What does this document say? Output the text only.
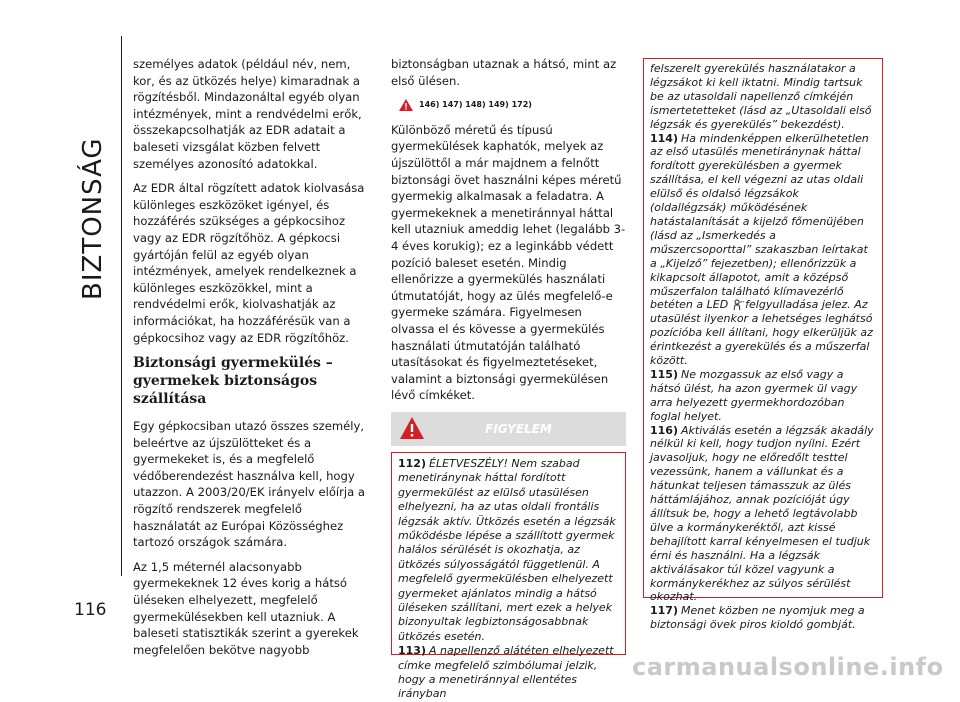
BIZTONSÁG
116

személyes adatok (például név, nem, kor, és az ütközés helye) kimaradnak a rögzítésből. Mindazonáltal egyéb olyan intézmények, mint a rendvédelmi erők, összekapcsolhatják az EDR adatait a baleseti vizsgálat közben felvett személyes azonosító adatokkal.

Az EDR által rögzített adatok kiolvasása különleges eszközöket igényel, és hozzáférés szükséges a gépkocsihoz vagy az EDR rögzítőhöz. A gépkocsi gyártóján felül az egyéb olyan intézmények, amelyek rendelkeznek a különleges eszközökkel, mint a rendvédelmi erők, kiolvashatják az információkat, ha hozzáférésük van a gépkocsihoz vagy az EDR rögzítőhöz.

Biztonsági gyermekülés – gyermekek biztonságos szállítása

Egy gépkocsiban utazó összes személy, beleértve az újszülötteket és a gyermekeket is, és a megfelelő védőberendezést használva kell, hogy utazzon. A 2003/20/EK irányelv előírja a rögzítő rendszerek megfelelő használatát az Európai Közösséghez tartozó országok számára.

Az 1,5 méternél alacsonyabb gyermekeknek 12 éves korig a hátsó üléseken elhelyezett, megfelelő gyermekülésekben kell utazniuk. A baleseti statisztikák szerint a gyerekek megfelelően bekötve nagyobb

biztonságban utaznak a hátsó, mint az első ülésen.

146) 147) 148) 149) 172)

Különböző méretű és típusú gyermekülések kaphatók, melyek az újszülöttől a már majdnem a felnőtt biztonsági övet használni képes méretű gyermekig alkalmasak a feladatra. A gyermekeknek a menetiránnyal háttal kell utazniuk ameddig lehet (legalább 3-4 éves korukig); ez a leginkább védett pozíció baleset esetén. Mindig ellenőrizze a gyermekülés használati útmutatóját, hogy az ülés megfelelő-e gyermeke számára. Figyelmesen olvassa el és kövesse a gyermekülés használati útmutatóján található utasításokat és figyelmeztetéseket, valamint a biztonsági gyermekülésen lévő címkéket.

FIGYELEM

112) ÉLETVESZÉLY! Nem szabad menetiránynak háttal fordított gyermekülést az elülső utasülésen elhelyezni, ha az utas oldali frontális légzsák aktív. Ütközés esetén a légzsák működésbe lépése a szállított gyermek halálos sérülését is okozhatja, az ütközés súlyosságától függetlenül. A megfelelő gyermekülésben elhelyezett gyermeket ajánlatos mindig a hátsó üléseken szállítani, mert ezek a helyek bizonyultak legbiztonságosabbnak ütközés esetén.

113) A napellenző alátéten elhelyezett címke megfelelő szimbólumai jelzik, hogy a menetiránnyal ellentétes irányban

felszerelt gyerekülés használatakor a légzsákot ki kell iktatni. Mindig tartsuk be az utasoldali napellenző címkéjén ismertetetteket (lásd az „Utasoldali első légzsák és gyerekülés” bekezdést).

114) Ha mindenképpen elkerülhetetlen az első utasülés menetiránynak háttal fordított gyerekülésben a gyermek szállítása, el kell végezni az utas oldali elülső és oldalsó légzsákok (oldallégzsák) működésének hatástalanítását a kijelző főmenüjében (lásd az „Ismerkedés a műszercsoporttal” szakaszban leírtakat a „Kijelző” fejezetben); ellenőrizzük a kikapcsolt állapotot, amit a középső műszerfalon található klímavezérlő betéten a LED	OFF felgyulladása jelez. Az utasülést ilyenkor a lehetséges leghátsó pozícióba kell állítani, hogy elkerüljük az érintkezést a gyerekülés és a műszerfal között.

115) Ne mozgassuk az első vagy a hátsó ülést, ha azon gyermek ül vagy arra helyezett gyermekhordozóban foglal helyet.

116) Aktiválás esetén a légzsák akadály nélkül ki kell, hogy tudjon nyílni. Ezért javasoljuk, hogy ne előredőlt testtel vezessünk, hanem a vállunkat és a hátunkat teljesen támasszuk az ülés háttámlájához, annak pozícióját úgy állítsuk be, hogy a lehető legtávolabb ülve a kormánykeréktől, azt kissé behajlított karral kényelmesen el tudjuk érni és használni. Ha a légzsák aktiválásakor túl közel vagyunk a kormánykerékhez az súlyos sérülést okozhat.

117) Menet közben ne nyomjuk meg a biztonsági övek piros kioldó gombját.

carmanualsonline.info
